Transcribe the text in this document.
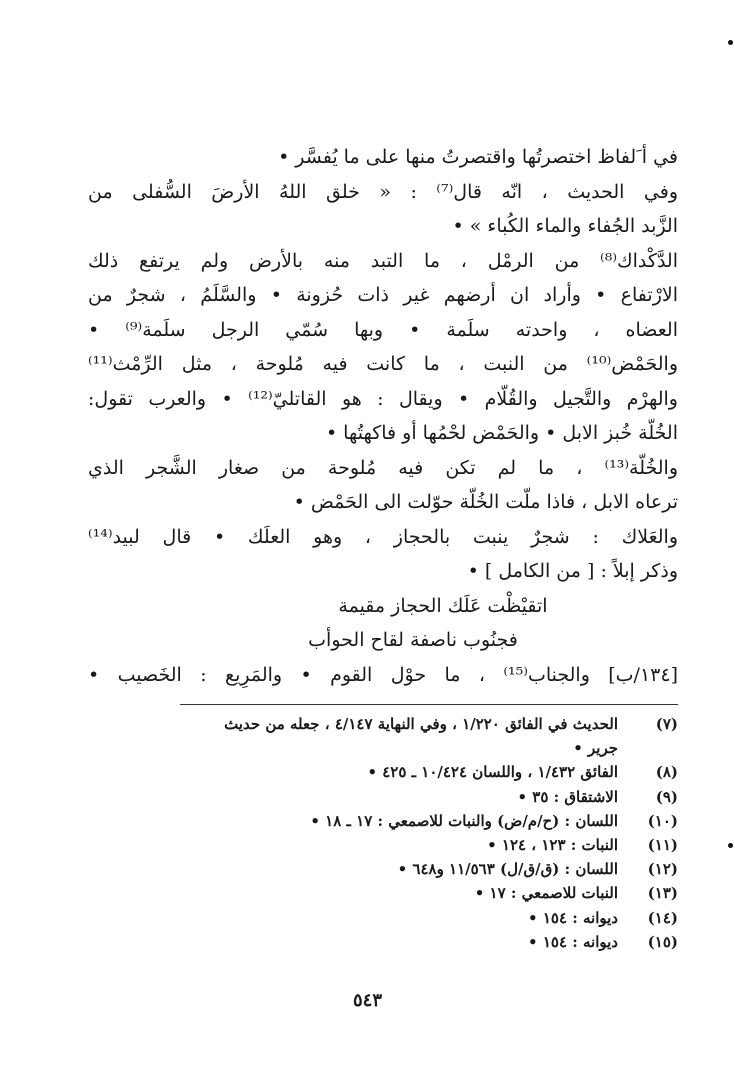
في أ َلفاظ اختصرتُها واقتصرتُ منها على ما يُفسَّر •
وفي الحديث ، انّه قال⁽⁷⁾ : « خلق اللهُ الأرضَ السُّفلى من
الزَّبد الجُفاء والماء الكُباء » •
الدَّكْداك⁽⁸⁾ من الرمْل ، ما التبد منه بالأرض ولم يرتفع ذلك
الارْتفاع • وأراد ان أرضهم غير ذات حُزونة • والسَّلَمُ ، شجرٌ من
العضاه ، واحدته سلَمة • وبها سُمّي الرجل سلَمة⁽⁹⁾ •
والحَمْض⁽¹⁰⁾ من النبت ، ما كانت فيه مُلوحة ، مثل الرِّمْث⁽¹¹⁾
والهرْم والتَّجيل والقُلّام • ويقال : هو القاتليّ⁽¹²⁾ • والعرب تقول:
الخُلّة خُبز الابل • والحَمْض لحْمُها أو فاكهتُها •
والخُلّة⁽¹³⁾ ، ما لم تكن فيه مُلوحة من صغار الشَّجر الذي
ترعاه الابل ، فاذا ملّت الخُلّة حوّلت الى الحَمْض •
والعَلاك : شجرٌ ينبت بالحجاز ، وهو العلَك • قال لبيد⁽¹⁴⁾
وذكر إبلاً : [ من الكامل ] •
اتقيْظْت عَلَك الحجاز مقيمة
فجنُوب ناصفة لقاح الحوأب
[١٣٤/ب] والجناب⁽¹⁵⁾ ، ما حوْل القوم • والمَرِيع : الخَصيب •
(٧)
الحديث في الفائق ١/٢٢٠ ، وفي النهاية ٤/١٤٧ ، جعله من حديث
جرير •
(٨)
الفائق ١/٤٣٢ ، واللسان ١٠/٤٢٤ ـ ٤٢٥ •
(٩)
الاشتقاق : ٣٥ •
(١٠)
اللسان : (ح/م/ض) والنبات للاصمعي : ١٧ ـ ١٨ •
(١١)
النبات : ١٢٣ ، ١٢٤ •
(١٢)
اللسان : (ق/ق/ل) ١١/٥٦٣ و٦٤٨ •
(١٣)
النبات للاصمعي : ١٧ •
(١٤)
ديوانه : ١٥٤ •
(١٥)
ديوانه : ١٥٤ •
٥٤٣
